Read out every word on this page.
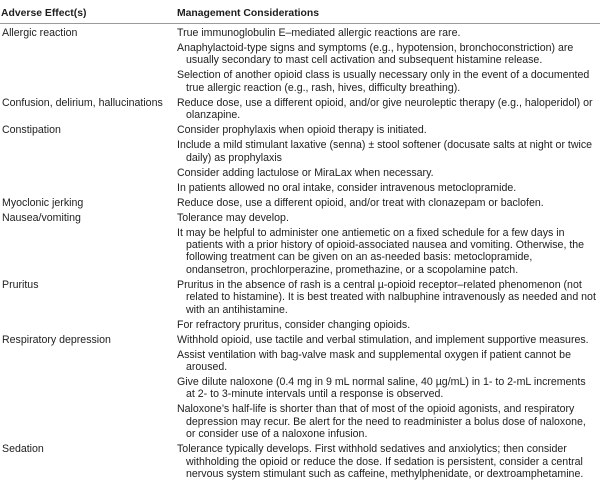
Adverse Effect(s)	Management Considerations
Allergic reaction	True immunoglobulin E–mediated allergic reactions are rare.
Anaphylactoid-type signs and symptoms (e.g., hypotension, bronchoconstriction) are usually secondary to mast cell activation and subsequent histamine release.
Selection of another opioid class is usually necessary only in the event of a documented true allergic reaction (e.g., rash, hives, difficulty breathing).
Confusion, delirium, hallucinations	Reduce dose, use a different opioid, and/or give neuroleptic therapy (e.g., haloperidol) or olanzapine.
Constipation	Consider prophylaxis when opioid therapy is initiated.
Include a mild stimulant laxative (senna) ± stool softener (docusate salts at night or twice daily) as prophylaxis
Consider adding lactulose or MiraLax when necessary.
In patients allowed no oral intake, consider intravenous metoclopramide.
Myoclonic jerking	Reduce dose, use a different opioid, and/or treat with clonazepam or baclofen.
Nausea/vomiting	Tolerance may develop.
It may be helpful to administer one antiemetic on a fixed schedule for a few days in patients with a prior history of opioid-associated nausea and vomiting. Otherwise, the following treatment can be given on an as-needed basis: metoclopramide, ondansetron, prochlorperazine, promethazine, or a scopolamine patch.
Pruritus	Pruritus in the absence of rash is a central µ-opioid receptor–related phenomenon (not related to histamine). It is best treated with nalbuphine intravenously as needed and not with an antihistamine.
For refractory pruritus, consider changing opioids.
Respiratory depression	Withhold opioid, use tactile and verbal stimulation, and implement supportive measures.
Assist ventilation with bag-valve mask and supplemental oxygen if patient cannot be aroused.
Give dilute naloxone (0.4 mg in 9 mL normal saline, 40 µg/mL) in 1- to 2-mL increments at 2- to 3-minute intervals until a response is observed.
Naloxone’s half-life is shorter than that of most of the opioid agonists, and respiratory depression may recur. Be alert for the need to readminister a bolus dose of naloxone, or consider use of a naloxone infusion.
Sedation	Tolerance typically develops. First withhold sedatives and anxiolytics; then consider withholding the opioid or reduce the dose. If sedation is persistent, consider a central nervous system stimulant such as caffeine, methylphenidate, or dextroamphetamine.
